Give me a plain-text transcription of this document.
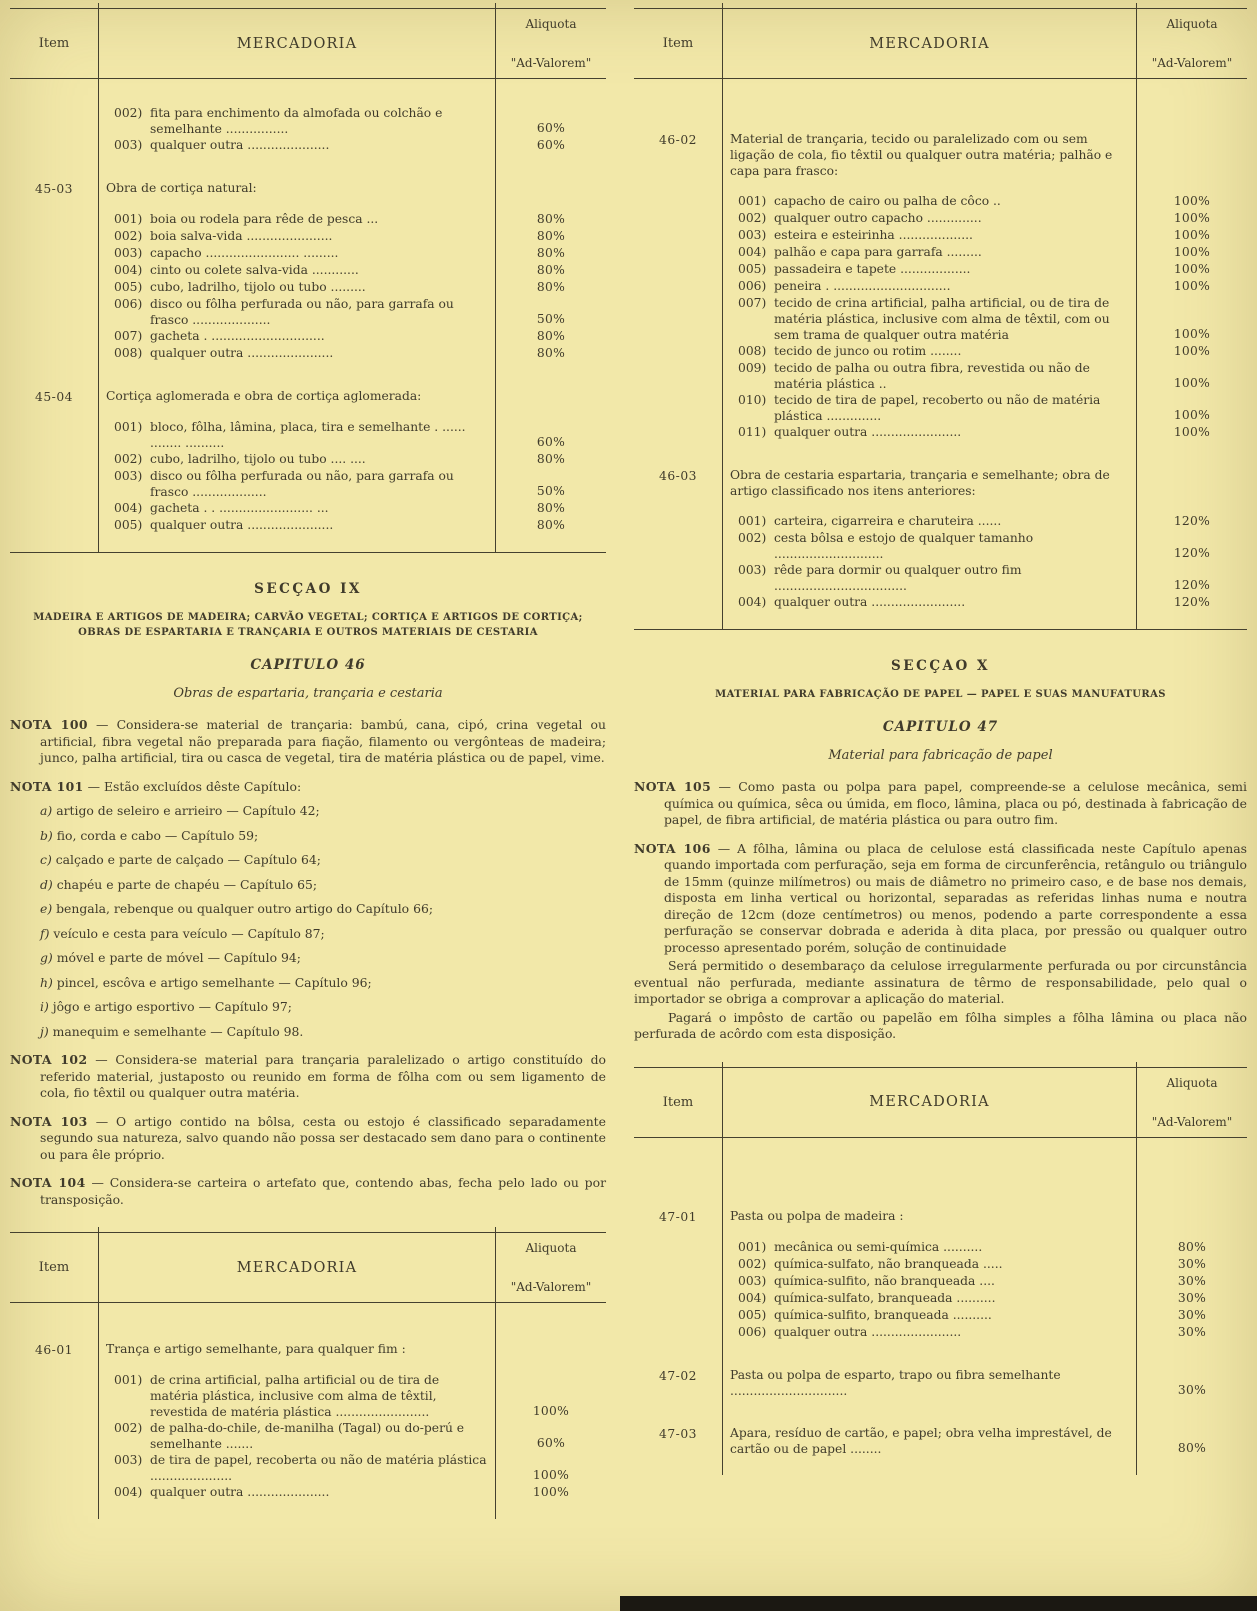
Item	MERCADORIA
Aliquota
"Ad-Valorem"
002) fita para enchimento da almofada ou colchão e semelhante ................	60%
003) qualquer outra .....................	60%
45-03	Obra de cortiça natural:
001) boia ou rodela para rêde de pesca ...	80%
002) boia salva-vida ......................	80%
003) capacho ........................ .........	80%
004) cinto ou colete salva-vida ............	80%
005) cubo, ladrilho, tijolo ou tubo .........	80%
006) disco ou fôlha perfurada ou não, para garrafa ou frasco ....................	50%
007) gacheta . .............................	80%
008) qualquer outra ......................	80%
45-04	Cortiça aglomerada e obra de cortiça aglomerada:
001) bloco, fôlha, lâmina, placa, tira e semelhante . ...... ........ ..........	60%
002) cubo, ladrilho, tijolo ou tubo .... ....	80%
003) disco ou fôlha perfurada ou não, para garrafa ou frasco ...................	50%
004) gacheta . . ........................ ...	80%
005) qualquer outra ......................	80%
SECÇAO IX

MADEIRA E ARTIGOS DE MADEIRA; CARVÃO VEGETAL; CORTIÇA E ARTIGOS DE CORTIÇA;
OBRAS DE ESPARTARIA E TRANÇARIA E OUTROS MATERIAIS DE CESTARIA

CAPITULO 46

Obras de espartaria, trançaria e cestaria

NOTA 100 — Considera-se material de trançaria: bambú, cana, cipó, crina vegetal ou artificial, fibra vegetal não preparada para fiação, filamento ou vergônteas de madeira; junco, palha artificial, tira ou casca de vegetal, tira de matéria plástica ou de papel, vime.

NOTA 101 — Estão excluídos dêste Capítulo:

a) artigo de seleiro e arrieiro — Capítulo 42;

b) fio, corda e cabo — Capítulo 59;

c) calçado e parte de calçado — Capítulo 64;

d) chapéu e parte de chapéu — Capítulo 65;

e) bengala, rebenque ou qualquer outro artigo do Capítulo 66;

f) veículo e cesta para veículo — Capítulo 87;

g) móvel e parte de móvel — Capítulo 94;

h) pincel, escôva e artigo semelhante — Capítulo 96;

i) jôgo e artigo esportivo — Capítulo 97;

j) manequim e semelhante — Capítulo 98.

NOTA 102 — Considera-se material para trançaria paralelizado o artigo constituído do referido material, justaposto ou reunido em forma de fôlha com ou sem ligamento de cola, fio têxtil ou qualquer outra matéria.

NOTA 103 — O artigo contido na bôlsa, cesta ou estojo é classificado separadamente segundo sua natureza, salvo quando não possa ser destacado sem dano para o continente ou para êle próprio.

NOTA 104 — Considera-se carteira o artefato que, contendo abas, fecha pelo lado ou por transposição.

Item	MERCADORIA
Aliquota
"Ad-Valorem"
46-01	Trança e artigo semelhante, para qualquer fim :
001) de crina artificial, palha artificial ou de tira de matéria plástica, inclusive com alma de têxtil, revestida de matéria plástica ........................	100%
002) de palha-do-chile, de-manilha (Tagal) ou do-perú e semelhante .......	60%
003) de tira de papel, recoberta ou não de matéria plástica .....................	100%
004) qualquer outra .....................	100%
Item	MERCADORIA
Aliquota
"Ad-Valorem"
46-02	Material de trançaria, tecido ou paralelizado com ou sem ligação de cola, fio têxtil ou qualquer outra matéria; palhão e capa para frasco:
001) capacho de cairo ou palha de côco ..	100%
002) qualquer outro capacho ..............	100%
003) esteira e esteirinha ...................	100%
004) palhão e capa para garrafa .........	100%
005) passadeira e tapete ..................	100%
006) peneira . ..............................	100%
007) tecido de crina artificial, palha artificial, ou de tira de matéria plástica, inclusive com alma de têxtil, com ou sem trama de qualquer outra matéria	100%
008) tecido de junco ou rotim ........	100%
009) tecido de palha ou outra fibra, revestida ou não de matéria plástica ..	100%
010) tecido de tira de papel, recoberto ou não de matéria plástica ..............	100%
011) qualquer outra .......................	100%
46-03	Obra de cestaria espartaria, trançaria e semelhante; obra de artigo classificado nos itens anteriores:
001) carteira, cigarreira e charuteira ......	120%
002) cesta bôlsa e estojo de qualquer tamanho ............................	120%
003) rêde para dormir ou qualquer outro fim ..................................	120%
004) qualquer outra ........................	120%
SECÇAO X

MATERIAL PARA FABRICAÇÃO DE PAPEL — PAPEL E SUAS MANUFATURAS

CAPITULO 47

Material para fabricação de papel

NOTA 105 — Como pasta ou polpa para papel, compreende-se a celulose mecânica, semi química ou química, sêca ou úmida, em floco, lâmina, placa ou pó, destinada à fabricação de papel, de fibra artificial, de matéria plástica ou para outro fim.

NOTA 106 — A fôlha, lâmina ou placa de celulose está classificada neste Capítulo apenas quando importada com perfuração, seja em forma de circunferência, retângulo ou triângulo de 15mm (quinze milímetros) ou mais de diâmetro no primeiro caso, e de base nos demais, disposta em linha vertical ou horizontal, separadas as referidas linhas numa e noutra direção de 12cm (doze centímetros) ou menos, podendo a parte correspondente a essa perfuração se conservar dobrada e aderida à dita placa, por pressão ou qualquer outro processo apresentado porém, solução de continuidade

Será permitido o desembaraço da celulose irregularmente perfurada ou por circunstância eventual não perfurada, mediante assinatura de têrmo de responsabilidade, pelo qual o importador se obriga a comprovar a aplicação do material.

Pagará o impôsto de cartão ou papelão em fôlha simples a fôlha lâmina ou placa não perfurada de acôrdo com esta disposição.

Item	MERCADORIA
Aliquota
"Ad-Valorem"
47-01	Pasta ou polpa de madeira :
001) mecânica ou semi-química ..........	80%
002) química-sulfato, não branqueada .....	30%
003) química-sulfito, não branqueada ....	30%
004) química-sulfato, branqueada ..........	30%
005) química-sulfito, branqueada ..........	30%
006) qualquer outra .......................	30%
47-02	Pasta ou polpa de esparto, trapo ou fibra semelhante ..............................	30%
47-03	Apara, resíduo de cartão, e papel; obra velha imprestável, de cartão ou de papel ........	80%
